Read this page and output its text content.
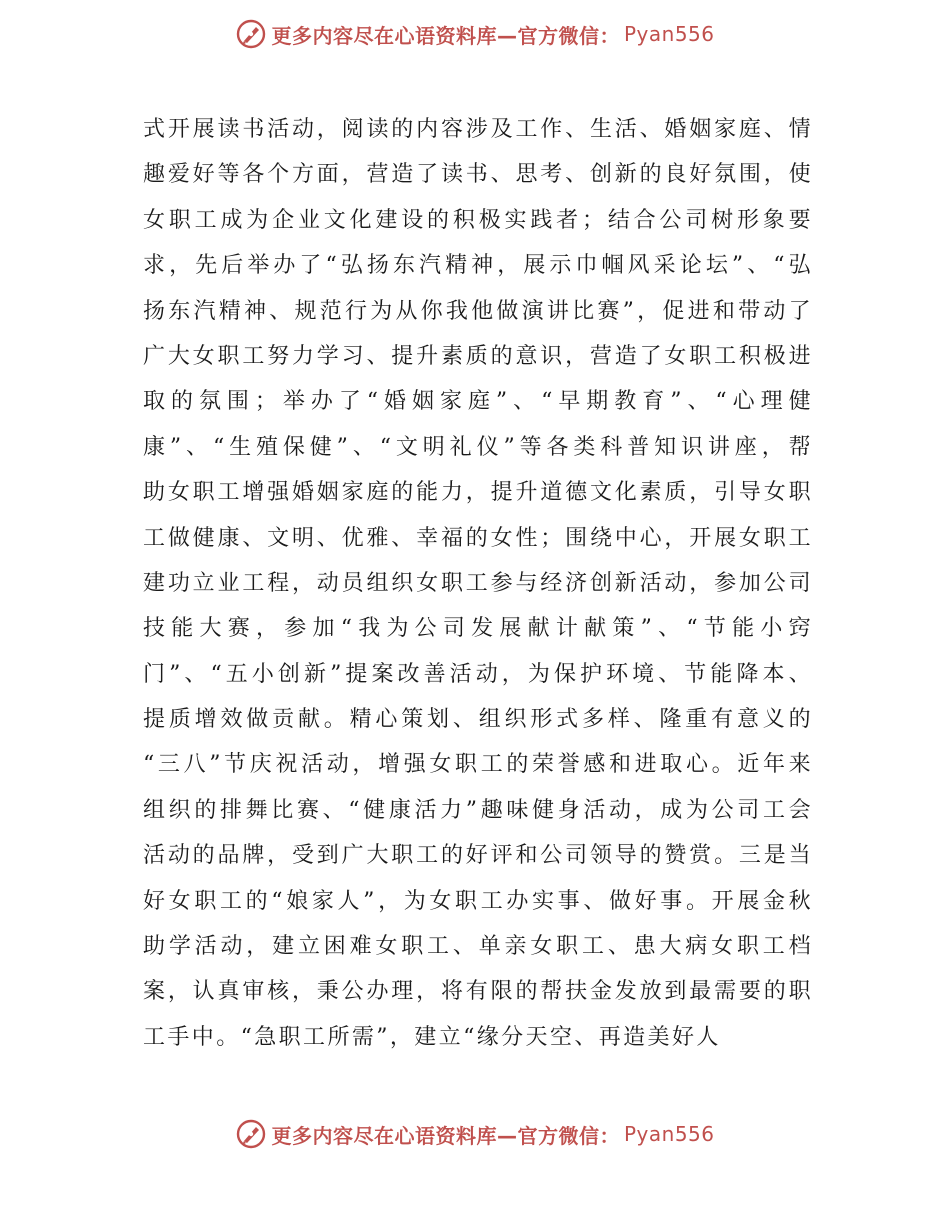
更多内容尽在心语资料库—官方微信： Pyan556
式开展读书活动，阅读的内容涉及工作、生活、婚姻家庭、情
趣爱好等各个方面，营造了读书、思考、创新的良好氛围，使
女职工成为企业文化建设的积极实践者；结合公司树形象要
求，先后举办了“弘扬东汽精神，展示巾帼风采论坛”、“弘
扬东汽精神、规范行为从你我他做演讲比赛”，促进和带动了
广大女职工努力学习、提升素质的意识，营造了女职工积极进
取的氛围；举办了“婚姻家庭”、“早期教育”、“心理健
康”、“生殖保健”、“文明礼仪”等各类科普知识讲座，帮
助女职工增强婚姻家庭的能力，提升道德文化素质，引导女职
工做健康、文明、优雅、幸福的女性；围绕中心，开展女职工
建功立业工程，动员组织女职工参与经济创新活动，参加公司
技能大赛，参加“我为公司发展献计献策”、“节能小窍
门”、“五小创新”提案改善活动，为保护环境、节能降本、
提质增效做贡献。精心策划、组织形式多样、隆重有意义的
“三八”节庆祝活动，增强女职工的荣誉感和进取心。近年来
组织的排舞比赛、“健康活力”趣味健身活动，成为公司工会
活动的品牌，受到广大职工的好评和公司领导的赞赏。三是当
好女职工的“娘家人”，为女职工办实事、做好事。开展金秋
助学活动，建立困难女职工、单亲女职工、患大病女职工档
案，认真审核，秉公办理，将有限的帮扶金发放到最需要的职
工手中。“急职工所需”，建立“缘分天空、再造美好人
更多内容尽在心语资料库—官方微信： Pyan556
